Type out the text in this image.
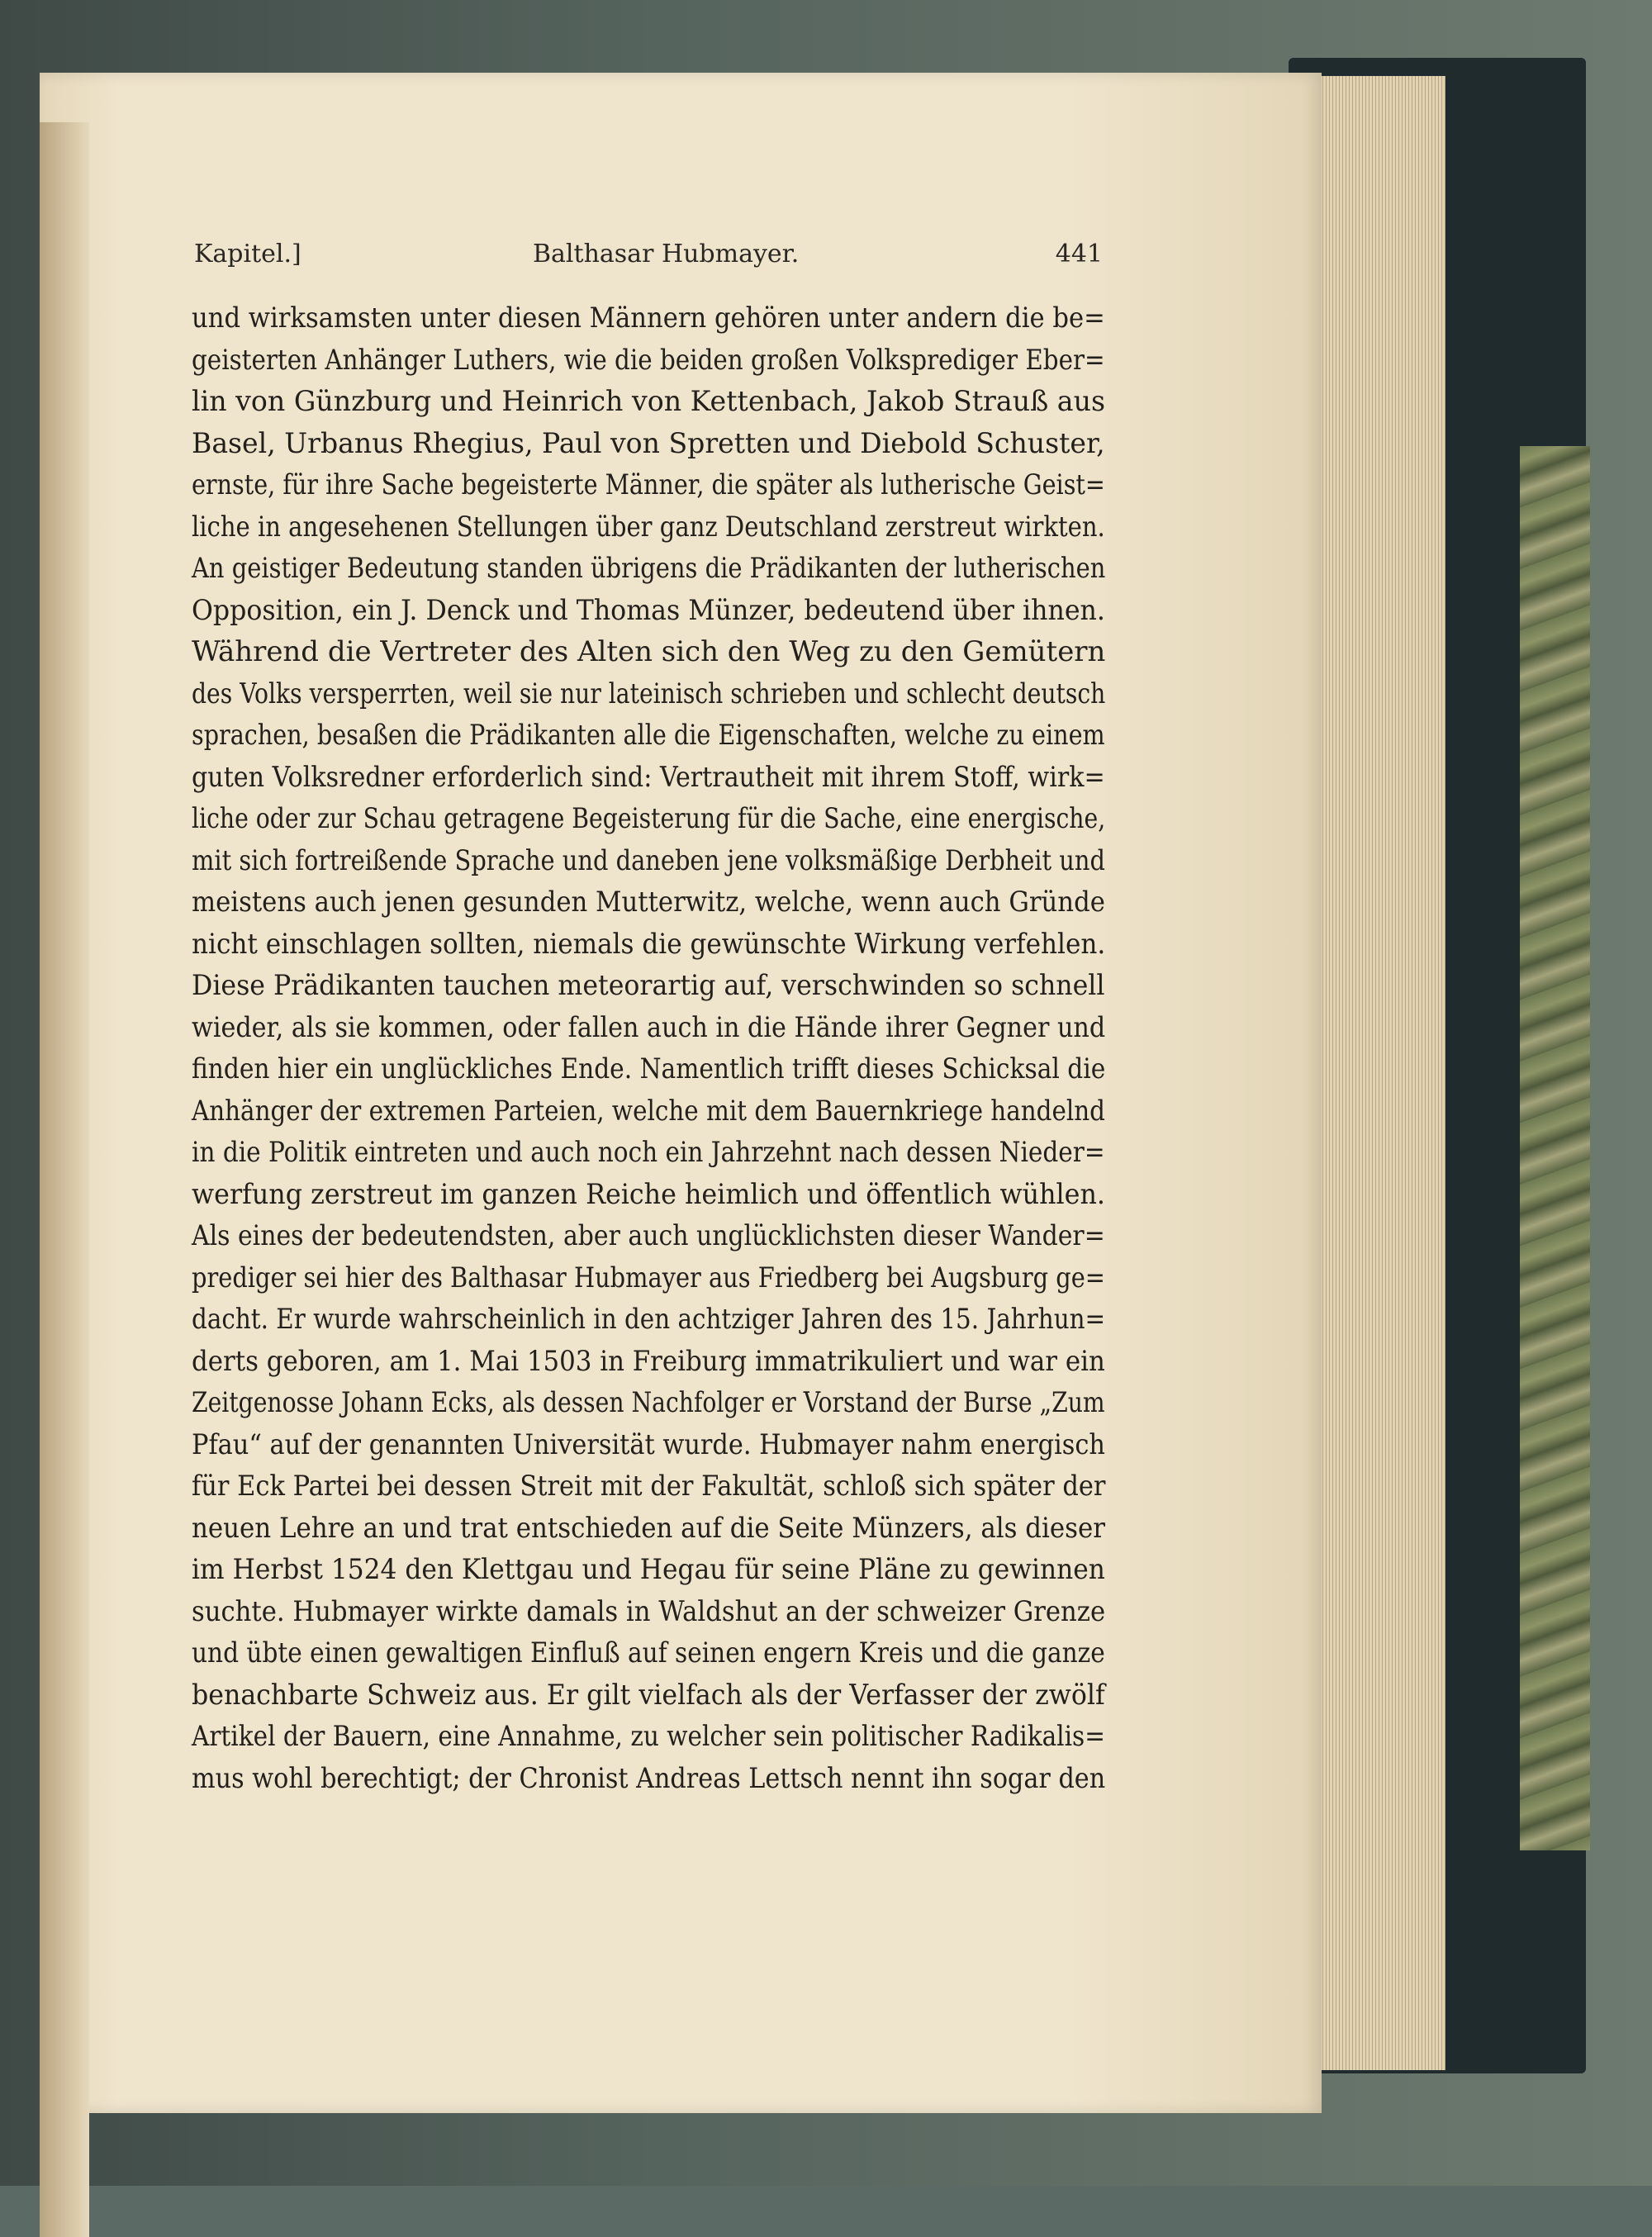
Kapitel.]	Balthasar Hubmayer.	441
und wirksamsten unter diesen Männern gehören unter andern die be=
geisterten Anhänger Luthers, wie die beiden großen Volksprediger Eber=
lin von Günzburg und Heinrich von Kettenbach, Jakob Strauß aus
Basel, Urbanus Rhegius, Paul von Spretten und Diebold Schuster,
ernste, für ihre Sache begeisterte Männer, die später als lutherische Geist=
liche in angesehenen Stellungen über ganz Deutschland zerstreut wirkten.
An geistiger Bedeutung standen übrigens die Prädikanten der lutherischen
Opposition, ein J. Denck und Thomas Münzer, bedeutend über ihnen.
Während die Vertreter des Alten sich den Weg zu den Gemütern
des Volks versperrten, weil sie nur lateinisch schrieben und schlecht deutsch
sprachen, besaßen die Prädikanten alle die Eigenschaften, welche zu einem
guten Volksredner erforderlich sind: Vertrautheit mit ihrem Stoff, wirk=
liche oder zur Schau getragene Begeisterung für die Sache, eine energische,
mit sich fortreißende Sprache und daneben jene volksmäßige Derbheit und
meistens auch jenen gesunden Mutterwitz, welche, wenn auch Gründe
nicht einschlagen sollten, niemals die gewünschte Wirkung verfehlen.
Diese Prädikanten tauchen meteorartig auf, verschwinden so schnell
wieder, als sie kommen, oder fallen auch in die Hände ihrer Gegner und
finden hier ein unglückliches Ende. Namentlich trifft dieses Schicksal die
Anhänger der extremen Parteien, welche mit dem Bauernkriege handelnd
in die Politik eintreten und auch noch ein Jahrzehnt nach dessen Nieder=
werfung zerstreut im ganzen Reiche heimlich und öffentlich wühlen.
Als eines der bedeutendsten, aber auch unglücklichsten dieser Wander=
prediger sei hier des Balthasar Hubmayer aus Friedberg bei Augsburg ge=
dacht. Er wurde wahrscheinlich in den achtziger Jahren des 15. Jahrhun=
derts geboren, am 1. Mai 1503 in Freiburg immatrikuliert und war ein
Zeitgenosse Johann Ecks, als dessen Nachfolger er Vorstand der Burse „Zum
Pfau“ auf der genannten Universität wurde. Hubmayer nahm energisch
für Eck Partei bei dessen Streit mit der Fakultät, schloß sich später der
neuen Lehre an und trat entschieden auf die Seite Münzers, als dieser
im Herbst 1524 den Klettgau und Hegau für seine Pläne zu gewinnen
suchte. Hubmayer wirkte damals in Waldshut an der schweizer Grenze
und übte einen gewaltigen Einfluß auf seinen engern Kreis und die ganze
benachbarte Schweiz aus. Er gilt vielfach als der Verfasser der zwölf
Artikel der Bauern, eine Annahme, zu welcher sein politischer Radikalis=
mus wohl berechtigt; der Chronist Andreas Lettsch nennt ihn sogar den
